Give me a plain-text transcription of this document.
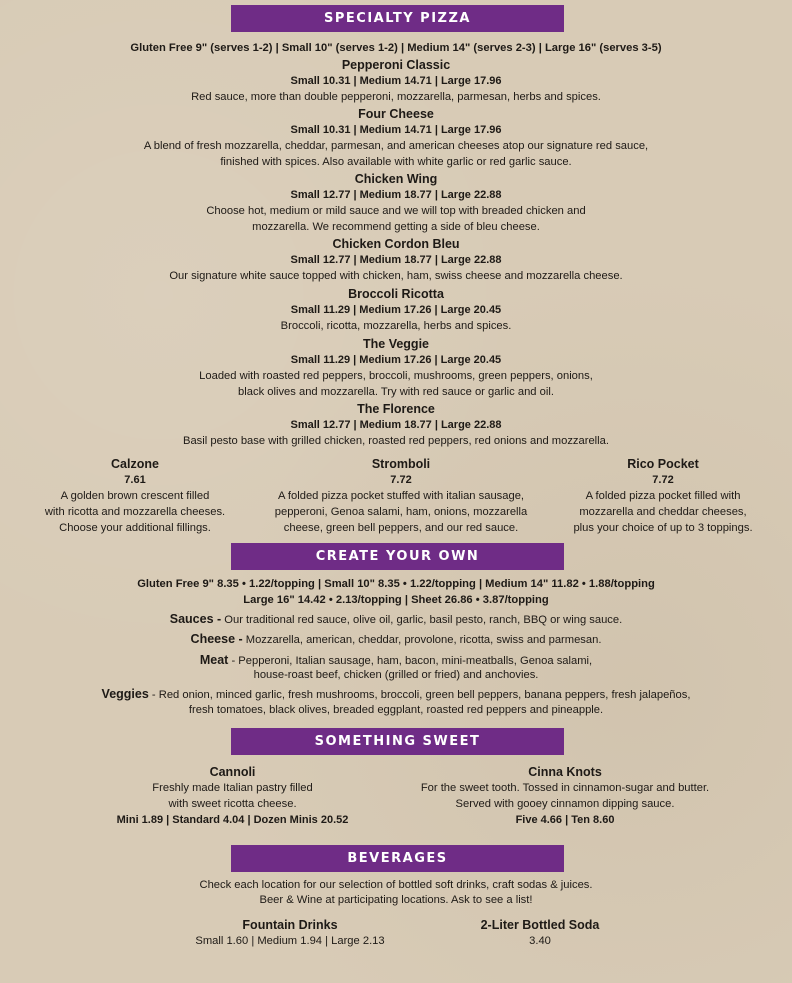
SPECIALTY PIZZA
Gluten Free 9" (serves 1-2) | Small 10" (serves 1-2) | Medium 14" (serves 2-3) | Large 16" (serves 3-5)
Pepperoni Classic
Small 10.31 | Medium 14.71 | Large 17.96
Red sauce, more than double pepperoni, mozzarella, parmesan, herbs and spices.
Four Cheese
Small 10.31 | Medium 14.71 | Large 17.96
A blend of fresh mozzarella, cheddar, parmesan, and american cheeses atop our signature red sauce,
finished with spices. Also available with white garlic or red garlic sauce.
Chicken Wing
Small 12.77 | Medium 18.77 | Large 22.88
Choose hot, medium or mild sauce and we will top with breaded chicken and
mozzarella. We recommend getting a side of bleu cheese.
Chicken Cordon Bleu
Small 12.77 | Medium 18.77 | Large 22.88
Our signature white sauce topped with chicken, ham, swiss cheese and mozzarella cheese.
Broccoli Ricotta
Small 11.29 | Medium 17.26 | Large 20.45
Broccoli, ricotta, mozzarella, herbs and spices.
The Veggie
Small 11.29 | Medium 17.26 | Large 20.45
Loaded with roasted red peppers, broccoli, mushrooms, green peppers, onions,
black olives and mozzarella. Try with red sauce or garlic and oil.
The Florence
Small 12.77 | Medium 18.77 | Large 22.88
Basil pesto base with grilled chicken, roasted red peppers, red onions and mozzarella.
Calzone
7.61
A golden brown crescent filled
with ricotta and mozzarella cheeses.
Choose your additional fillings.
Stromboli
7.72
A folded pizza pocket stuffed with italian sausage,
pepperoni, Genoa salami, ham, onions, mozzarella
cheese, green bell peppers, and our red sauce.
Rico Pocket
7.72
A folded pizza pocket filled with
mozzarella and cheddar cheeses,
plus your choice of up to 3 toppings.
CREATE YOUR OWN
Gluten Free 9" 8.35 • 1.22/topping | Small 10" 8.35 • 1.22/topping | Medium 14" 11.82 • 1.88/topping
Large 16" 14.42 • 2.13/topping | Sheet 26.86 • 3.87/topping
Sauces - Our traditional red sauce, olive oil, garlic, basil pesto, ranch, BBQ or wing sauce.
Cheese - Mozzarella, american, cheddar, provolone, ricotta, swiss and parmesan.
Meat - Pepperoni, Italian sausage, ham, bacon, mini-meatballs, Genoa salami,
house-roast beef, chicken (grilled or fried) and anchovies.
Veggies - Red onion, minced garlic, fresh mushrooms, broccoli, green bell peppers, banana peppers, fresh jalapeños,
fresh tomatoes, black olives, breaded eggplant, roasted red peppers and pineapple.
SOMETHING SWEET
Cannoli
Freshly made Italian pastry filled
with sweet ricotta cheese.
Mini 1.89 | Standard 4.04 | Dozen Minis 20.52
Cinna Knots
For the sweet tooth. Tossed in cinnamon-sugar and butter.
Served with gooey cinnamon dipping sauce.
Five 4.66 | Ten 8.60
BEVERAGES
Check each location for our selection of bottled soft drinks, craft sodas & juices.
Beer & Wine at participating locations. Ask to see a list!
Fountain Drinks
Small 1.60 | Medium 1.94 | Large 2.13
2-Liter Bottled Soda
3.40
